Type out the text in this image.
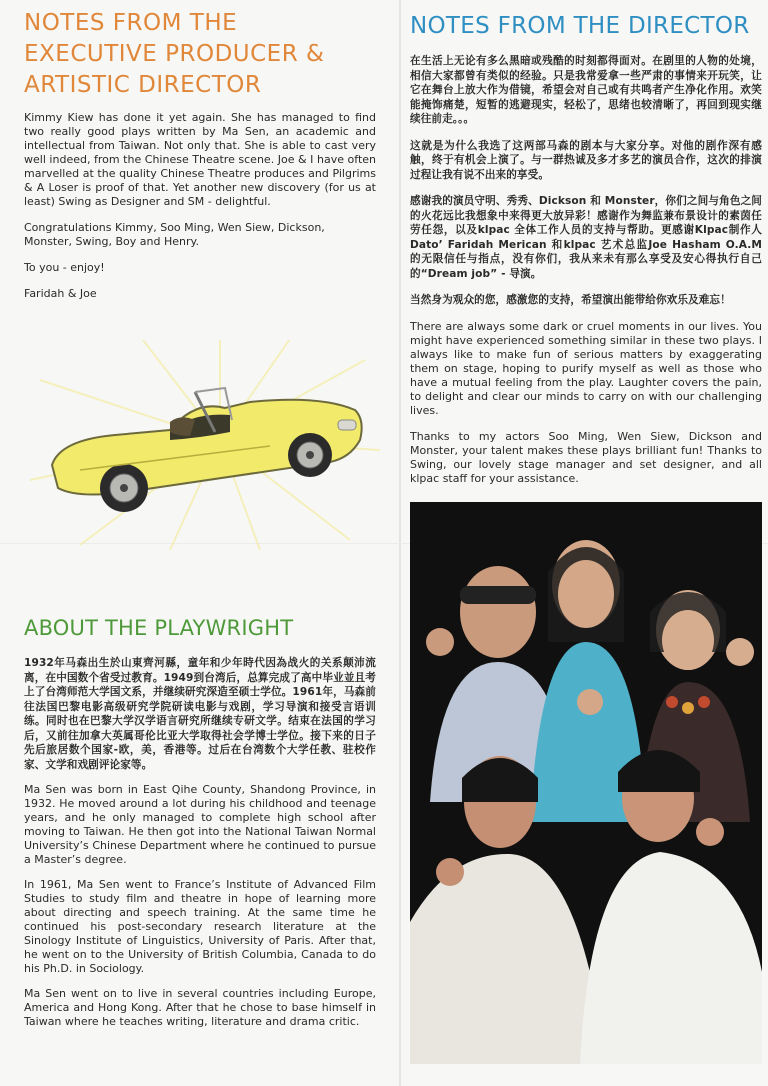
NOTES FROM THE
EXECUTIVE PRODUCER &
ARTISTIC DIRECTOR

Kimmy Kiew has done it yet again. She has managed to find two really good plays written by Ma Sen, an academic and intellectual from Taiwan. Not only that. She is able to cast very well indeed, from the Chinese Theatre scene. Joe & I have often marvelled at the quality Chinese Theatre produces and Pilgrims & A Loser is proof of that. Yet another new discovery (for us at least) Swing as Designer and SM - delightful.

Congratulations Kimmy, Soo Ming, Wen Siew, Dickson, Monster, Swing, Boy and Henry.

To you - enjoy!

Faridah & Joe

ABOUT THE PLAYWRIGHT

1932年马森出生於山東齊河縣，童年和少年時代因為战火的关系颠沛流离，在中国数个省受过教育。1949到台湾后，总算完成了高中毕业並且考上了台湾师范大学国文系，并继续研究深造至硕士学位。1961年，马森前往法国巴黎电影高级研究学院研读电影与戏剧，学习导演和接受言语训练。同时也在巴黎大学汉学语言研究所继续专研文学。结束在法国的学习后，又前往加拿大英属哥伦比亚大学取得社会学博士学位。接下来的日子先后旅居数个国家-欧，美，香港等。过后在台湾数个大学任教、驻校作家、文学和戏剧评论家等。

Ma Sen was born in East Qihe County, Shandong Province, in 1932. He moved around a lot during his childhood and teenage years, and he only managed to complete high school after moving to Taiwan. He then got into the National Taiwan Normal University’s Chinese Department where he continued to pursue a Master’s degree.

In 1961, Ma Sen went to France’s Institute of Advanced Film Studies to study film and theatre in hope of learning more about directing and speech training. At the same time he continued his post-secondary research literature at the Sinology Institute of Linguistics, University of Paris. After that, he went on to the University of British Columbia, Canada to do his Ph.D. in Sociology.

Ma Sen went on to live in several countries including Europe, America and Hong Kong. After that he chose to base himself in Taiwan where he teaches writing, literature and drama critic.

NOTES FROM THE DIRECTOR

在生活上无论有多么黑暗或残酷的时刻都得面对。在剧里的人物的处境，相信大家都曾有类似的经验。只是我常爱拿一些严肃的事情来开玩笑，让它在舞台上放大作为借镜，希望会对自己或有共鸣者产生净化作用。欢笑能掩饰痛楚，短暂的逃避现实，轻松了，思绪也较清晰了，再回到现实继续往前走。。。

这就是为什么我选了这两部马森的剧本与大家分享。对他的剧作深有感触，终于有机会上演了。与一群热诚及多才多艺的演员合作，这次的排演过程让我有说不出来的享受。

感谢我的演员守明、秀秀、Dickson 和 Monster，你们之间与角色之间的火花远比我想象中来得更大放异彩！感谢作为舞监兼布景设计的素茵任劳任怨，以及klpac 全体工作人员的支持与帮助。更感谢Klpac制作人Dato’ Faridah Merican 和klpac 艺术总监Joe Hasham O.A.M 的无限信任与指点，没有你们，我从来未有那么享受及安心得执行自己的“Dream job” - 导演。

当然身为观众的您，感激您的支持，希望演出能带给你欢乐及难忘！

There are always some dark or cruel moments in our lives. You might have experienced something similar in these two plays. I always like to make fun of serious matters by exaggerating them on stage, hoping to purify myself as well as those who have a mutual feeling from the play. Laughter covers the pain, to delight and clear our minds to carry on with our challenging lives.

Thanks to my actors Soo Ming, Wen Siew, Dickson and Monster, your talent makes these plays brilliant fun! Thanks to Swing, our lovely stage manager and set designer, and all klpac staff for your assistance.
